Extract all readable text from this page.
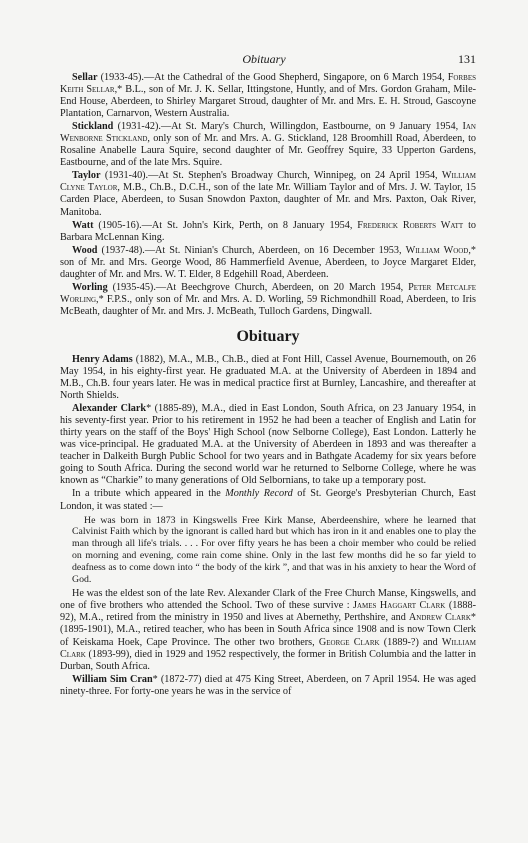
Obituary	131

Sellar (1933-45).—At the Cathedral of the Good Shepherd, Singapore, on 6 March 1954, Forbes Keith Sellar,* B.L., son of Mr. J. K. Sellar, Ittingstone, Huntly, and of Mrs. Gordon Graham, Mile-End House, Aberdeen, to Shirley Margaret Stroud, daughter of Mr. and Mrs. E. H. Stroud, Gascoyne Plantation, Carnarvon, Western Australia.

Stickland (1931-42).—At St. Mary's Church, Willingdon, Eastbourne, on 9 January 1954, Ian Wenborne Stickland, only son of Mr. and Mrs. A. G. Stickland, 128 Broomhill Road, Aberdeen, to Rosaline Anabelle Laura Squire, second daughter of Mr. Geoffrey Squire, 33 Upperton Gardens, Eastbourne, and of the late Mrs. Squire.

Taylor (1931-40).—At St. Stephen's Broadway Church, Winnipeg, on 24 April 1954, William Clyne Taylor, M.B., Ch.B., D.C.H., son of the late Mr. William Taylor and of Mrs. J. W. Taylor, 15 Carden Place, Aberdeen, to Susan Snowdon Paxton, daughter of Mr. and Mrs. Paxton, Oak River, Manitoba.

Watt (1905-16).—At St. John's Kirk, Perth, on 8 January 1954, Frederick Roberts Watt to Barbara McLennan King.

Wood (1937-48).—At St. Ninian's Church, Aberdeen, on 16 December 1953, William Wood,* son of Mr. and Mrs. George Wood, 86 Hammerfield Avenue, Aberdeen, to Joyce Margaret Elder, daughter of Mr. and Mrs. W. T. Elder, 8 Edgehill Road, Aberdeen.

Worling (1935-45).—At Beechgrove Church, Aberdeen, on 20 March 1954, Peter Metcalfe Worling,* F.P.S., only son of Mr. and Mrs. A. D. Worling, 59 Richmondhill Road, Aberdeen, to Iris McBeath, daughter of Mr. and Mrs. J. McBeath, Tulloch Gardens, Dingwall.

Obituary

Henry Adams (1882), M.A., M.B., Ch.B., died at Font Hill, Cassel Avenue, Bournemouth, on 26 May 1954, in his eighty-first year. He graduated M.A. at the University of Aberdeen in 1894 and M.B., Ch.B. four years later. He was in medical practice first at Burnley, Lancashire, and thereafter at North Shields.

Alexander Clark* (1885-89), M.A., died in East London, South Africa, on 23 January 1954, in his seventy-first year. Prior to his retirement in 1952 he had been a teacher of English and Latin for thirty years on the staff of the Boys' High School (now Selborne College), East London. Latterly he was vice-principal. He graduated M.A. at the University of Aberdeen in 1893 and was thereafter a teacher in Dalkeith Burgh Public School for two years and in Bathgate Academy for six years before going to South Africa. During the second world war he returned to Selborne College, where he was known as “Charkie” to many generations of Old Selbornians, to take up a temporary post.

In a tribute which appeared in the Monthly Record of St. George's Presbyterian Church, East London, it was stated :—

He was born in 1873 in Kingswells Free Kirk Manse, Aberdeenshire, where he learned that Calvinist Faith which by the ignorant is called hard but which has iron in it and enables one to play the man through all life's trials. . . . For over fifty years he has been a choir member who could be relied on morning and evening, come rain come shine. Only in the last few months did he so far yield to deafness as to come down into “ the body of the kirk ”, and that was in his anxiety to hear the Word of God.

He was the eldest son of the late Rev. Alexander Clark of the Free Church Manse, Kingswells, and one of five brothers who attended the School. Two of these survive : James Haggart Clark (1888-92), M.A., retired from the ministry in 1950 and lives at Abernethy, Perthshire, and Andrew Clark* (1895-1901), M.A., retired teacher, who has been in South Africa since 1908 and is now Town Clerk of Keiskama Hoek, Cape Province. The other two brothers, George Clark (1889-?) and William Clark (1893-99), died in 1929 and 1952 respectively, the former in British Columbia and the latter in Durban, South Africa.

William Sim Cran* (1872-77) died at 475 King Street, Aberdeen, on 7 April 1954. He was aged ninety-three. For forty-one years he was in the service of
